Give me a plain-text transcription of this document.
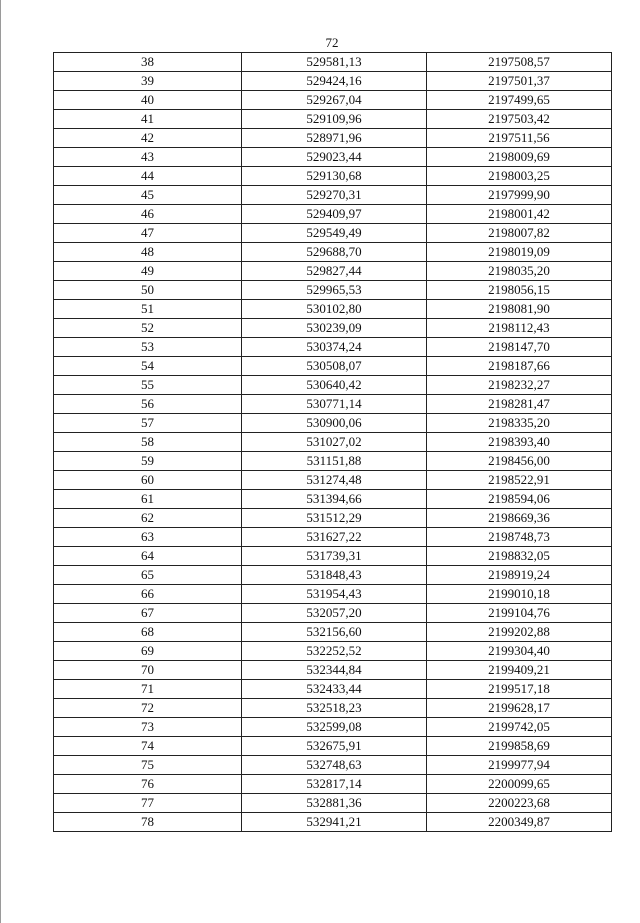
72
38	529581,13	2197508,57
39	529424,16	2197501,37
40	529267,04	2197499,65
41	529109,96	2197503,42
42	528971,96	2197511,56
43	529023,44	2198009,69
44	529130,68	2198003,25
45	529270,31	2197999,90
46	529409,97	2198001,42
47	529549,49	2198007,82
48	529688,70	2198019,09
49	529827,44	2198035,20
50	529965,53	2198056,15
51	530102,80	2198081,90
52	530239,09	2198112,43
53	530374,24	2198147,70
54	530508,07	2198187,66
55	530640,42	2198232,27
56	530771,14	2198281,47
57	530900,06	2198335,20
58	531027,02	2198393,40
59	531151,88	2198456,00
60	531274,48	2198522,91
61	531394,66	2198594,06
62	531512,29	2198669,36
63	531627,22	2198748,73
64	531739,31	2198832,05
65	531848,43	2198919,24
66	531954,43	2199010,18
67	532057,20	2199104,76
68	532156,60	2199202,88
69	532252,52	2199304,40
70	532344,84	2199409,21
71	532433,44	2199517,18
72	532518,23	2199628,17
73	532599,08	2199742,05
74	532675,91	2199858,69
75	532748,63	2199977,94
76	532817,14	2200099,65
77	532881,36	2200223,68
78	532941,21	2200349,87
